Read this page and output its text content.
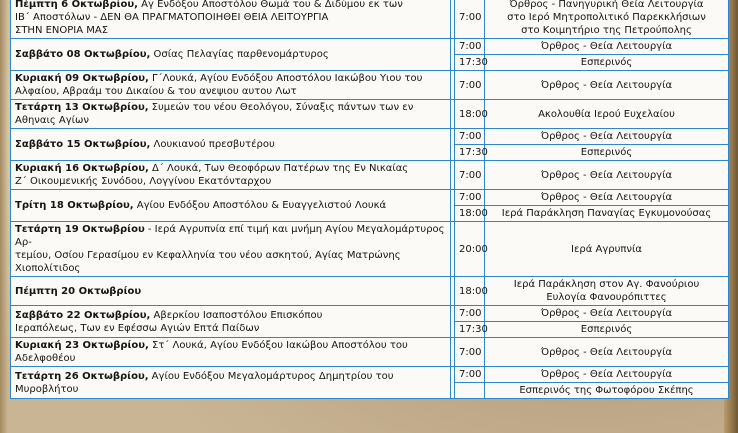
Πέμπτη 6 Οκτωβρίου, Αγ Ενδόξου Αποστόλου Θωμά του & Διδύμου εκ των
ΙΒ΄ Αποστόλων - ΔΕΝ ΘΑ ΠΡΑΓΜΑΤΟΠΟΙΗΘΕΙ ΘΕΙΑ ΛΕΙΤΟΥΡΓΙΑ
ΣΤΗΝ ΕΝΟΡΙΑ ΜΑΣ		7:00	Όρθρος - Πανηγυρική Θεία Λειτουργία
στο Ιερό Μητροπολιτικό Παρεκκλήσιων
στο Κοιμητήριο της Πετρούπολης
Σαββάτο 08 Οκτωβρίου, Οσίας Πελαγίας παρθενομάρτυρος		7:00	Όρθρος - Θεία Λειτουργία
		17:30	Εσπερινός
Κυριακή 09 Οκτωβρίου, Γ΄Λουκά, Αγίου Ενδόξου Αποστόλου Ιακώβου Υιου του
Αλφαίου, Αβραάμ του Δικαίου & του ανεψιου αυτου Λωτ		7:00	Όρθρος - Θεία Λειτουργία
Τετάρτη 13 Οκτωβρίου, Συμεών του νέου Θεολόγου, Σύναξις πάντων των εν
Αθηναις Αγίων		18:00	Ακολουθία Ιερού Ευχελαίου
Σαββάτο 15 Οκτωβρίου, Λουκιανού πρεσβυτέρου		7:00	Όρθρος - Θεία Λειτουργία
		17:30	Εσπερινός
Κυριακή 16 Οκτωβρίου, Δ΄ Λουκά, Των Θεοφόρων Πατέρων της Εν Νικαίας
Ζ΄ Οικουμενικής Συνόδου, Λογγίνου Εκατόνταρχου		7:00	Όρθρος - Θεία Λειτουργία
Τρίτη 18 Οκτωβρίου, Αγίου Ενδόξου Αποστόλου & Ευαγγελιστού Λουκά		7:00	Όρθρος - Θεία Λειτουργία
		18:00	Ιερά Παράκληση Παναγίας Εγκυμονούσας
Τετάρτη 19 Οκτωβρίου - Ιερά Αγρυπνία επί τιμή και μνήμη Αγίου Μεγαλομάρτυρος Αρ-
τεμίου, Οσίου Γερασίμου εν Κεφαλληνία του νέου ασκητού, Αγίας Ματρώνης Χιοπολίτιδος		20:00	Ιερά Αγρυπνία
Πέμπτη 20 Οκτωβρίου		18:00	Ιερά Παράκληση στον Αγ. Φανούριου
Ευλογία Φανουρόπιττες
Σαββάτο 22 Οκτωβρίου, Αβερκίου Ισαποστόλου Επισκόπου
Ιεραπόλεως, Των εν Εφέσσω Αγιών Επτά Παίδων		7:00	Όρθρος - Θεία Λειτουργία
		17:30	Εσπερινός
Κυριακή 23 Οκτωβρίου, Στ΄ Λουκά, Αγίου Ενδόξου Ιακώβου Αποστόλου του
Αδελφοθέου		7:00	Όρθρος - Θεία Λειτουργία
Τετάρτη 26 Οκτωβρίου, Αγίου Ενδόξου Μεγαλομάρτυρος Δημητρίου του Μυροβλήτου		7:00	Όρθρος - Θεία Λειτουργία
			Εσπερινός της Φωτοφόρου Σκέπης
